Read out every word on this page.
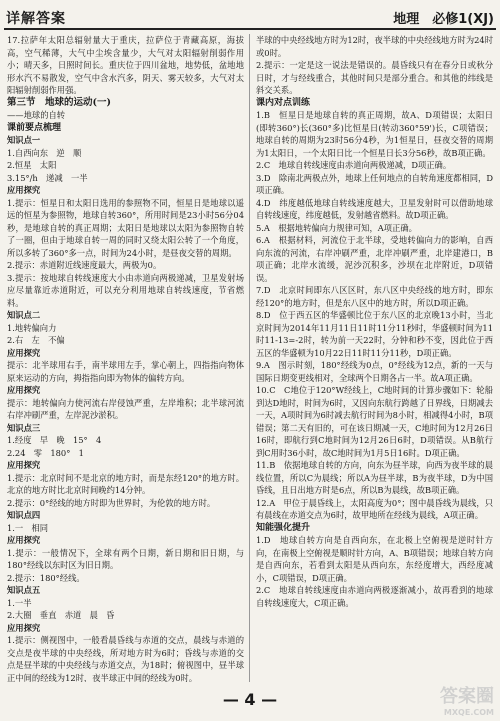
详解答案	地理　必修1(XJ)

17.拉萨年太阳总辐射量大于重庆，拉萨位于青藏高原，海拔高，空气稀薄，大气中尘埃含量少，大气对太阳辐射削弱作用小；晴天多，日照时间长。重庆位于四川盆地，地势低，盆地地形水汽不易散发，空气中含水汽多，阴天、雾天较多，大气对太阳辐射削弱作用强。

第三节　地球的运动(一)

——地球的自转

课前要点梳理

知识点一

1.自西向东　逆　顺

2.恒星　太阳

3.15°/h　递减　一半

应用探究

1.提示：恒星日和太阳日选用的参照物不同，恒星日是地球以遥远的恒星为参照物，地球自转360°，所用时间是23小时56分04秒，是地球自转的真正周期；太阳日是地球以太阳为参照物自转了一圈，但由于地球自转一周的同时又绕太阳公转了一个角度，所以多转了360°多一点，时间为24小时，是昼夜交替的周期。

2.提示：赤道附近线速度最大，两极为0。

3.提示：按地球自转线速度大小由赤道向两极递减，卫星发射场应尽量靠近赤道附近，可以充分利用地球自转线速度，节省燃料。

知识点二

1.地转偏向力

2.右　左　不偏

应用探究

提示：北半球用右手，南半球用左手，掌心朝上，四指指向物体原来运动的方向，拇指指向即为物体的偏转方向。

应用探究

提示：地转偏向力使河流右岸侵蚀严重，左岸堆积；北半球河流右岸冲刷严重，左岸泥沙淤积。

知识点三

1.经度　早　晚　15°　4

2.24　零　180°　1

应用探究

1.提示：北京时间不是北京的地方时，而是东经120°的地方时。北京的地方时比北京时间晚约14分钟。

2.提示：0°经线的地方时即为世界时，为伦敦的地方时。

知识点四

1.一　相同

应用探究

1.提示：一般情况下，全球有两个日期，新日期和旧日期，与180°经线以东时区为旧日期。

2.提示：180°经线。

知识点五

1.一半

2.大圈　垂直　赤道　晨　昏

应用探究

1.提示：侧视图中，一般看晨昏线与赤道的交点，晨线与赤道的交点是夜半球的中央经线，所对地方时为6时；昏线与赤道的交点是昼半球的中央经线与赤道交点，为18时；俯视图中，昼半球正中间的经线为12时，夜半球正中间的经线为0时。

半球的中央经线地方时为12时，夜半球的中央经线地方时为24时或0时。

2.提示：一定是这一说法是错误的。晨昏线只有在春分日或秋分日时，才与经线重合，其他时间只是部分重合。和其他的纬线是斜交关系。

课内对点训练

1.B　恒星日是地球自转的真正周期，故A、D项错误；太阳日(即转360°)长(360°多)比恒星日(转动360°59')长，C项错误；地球自转的周期为23时56分4秒，为1恒星日，昼夜交替的周期为1太阳日，一个太阳日比一个恒星日长3分56秒，故B项正确。

2.C　地球自转线速度由赤道向两极递减，D项正确。

3.D　除南北两极点外，地球上任何地点的自转角速度都相同，D项正确。

4.D　纬度越低地球自转线速度越大，卫星发射时可以借助地球自转线速度，纬度越低，发射越省燃料。故D项正确。

5.A　根据地转偏向力规律可知，A项正确。

6.A　根据材料，河流位于北半球，受地转偏向力的影响，自西向东流的河流，右岸冲刷严重，北岸冲刷严重，北岸建港口，B项正确；北岸水流缓，泥沙沉积多，沙坝在北岸附近，D项错误。

7.D　北京时间即东八区区时，东八区中央经线的地方时，即东经120°的地方时，但是东八区中的地方时，所以D项正确。

8.D　位于西五区的华盛顿比位于东八区的北京晚13小时，当北京时间为2014年11月11日11时11分11秒时，华盛顿时间为11时11-13=-2时，转为前一天22时，分钟和秒不变，因此位于西五区的华盛顿为10月22日11时11分11秒，D项正确。

9.A　图示时刻，180°经线为0点，0°经线为12点，新的一天与国际日期变更线相对，全球两个日期各占一半。故A项正确。

10.C　C地位于120°W经线上，C地时间的计算步骤如下：轮船到达D地时，时间为6时，又因向东航行跨越了日界线，日期减去一天，A项时间为6时减去航行时间为8小时，相减得4小时，B项错误；第二天有旧的，可在该日期减一天，C地时间为12月26日16时，即航行到C地时间为12月26日6时，D项错误。从B航行到C用时36小时，故C地时间为1月5日16时。D项正确。

11.B　依据地球自转的方向，向东为昼半球，向西为夜半球的晨线位置，所以C为晨线；所以A为昼半球，B为夜半球，D为中国昏线，且日出地方时是6点，所以B为晨线，故B项正确。

12.A　甲位于晨昏线上，太阳高度为0°；图中晨昏线为晨线，只有晨线在赤道交点为6时，故甲地所在经线为晨线，A项正确。

知能强化提升

1.D　地球自转方向是自西向东，在北极上空俯视是逆时针方向，在南极上空俯视是顺时针方向，A、B项错误；地球自转方向是自西向东，若看到太阳是从西向东，东经度增大，西经度减小，C项错误，D项正确。

2.C　地球自转线速度由赤道向两极逐渐减小，故再看到的地球自转线速度大，C项正确。

— 4 —	答案圈
MXQE.COM
